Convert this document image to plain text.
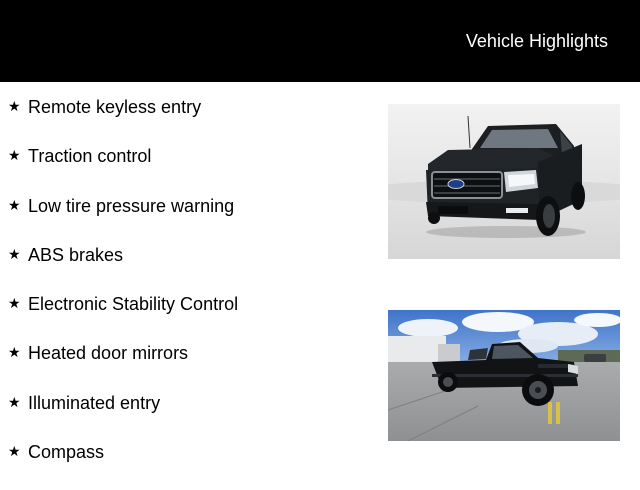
Vehicle Highlights
★ Remote keyless entry
★ Traction control
★ Low tire pressure warning
★ ABS brakes
★ Electronic Stability Control
★ Heated door mirrors
★ Illuminated entry
★ Compass
